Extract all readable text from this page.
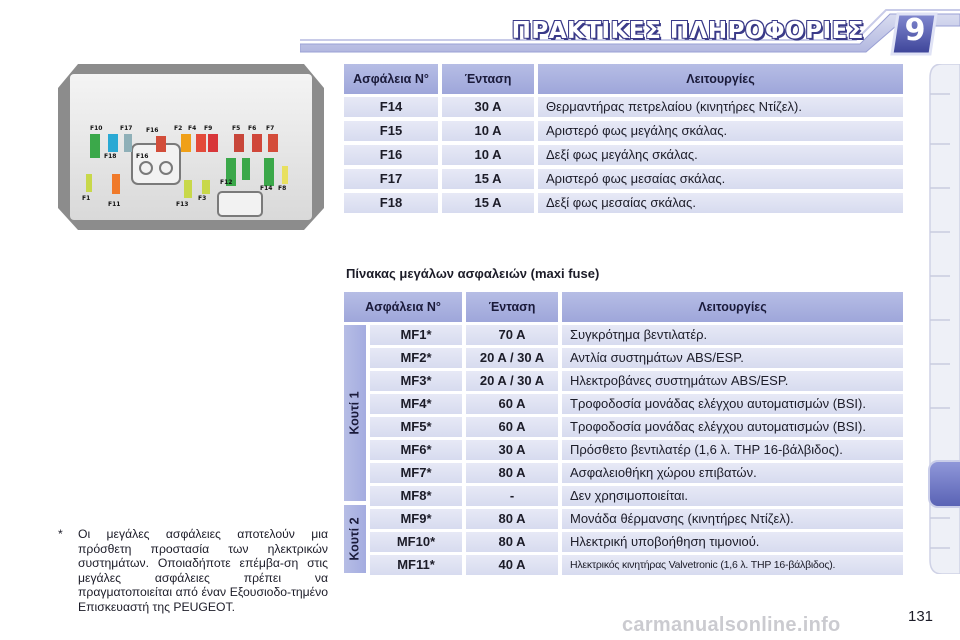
ΠΡΑΚΤΙΚΕΣ ΠΛΗΡΟΦΟΡΙΕΣ	9
F10	F17 F16	F2 F4 F9	F5 F6 F7
F18	F16
F1
F11
F12
F14 F8
F13
F3
Ασφάλεια N°	Ένταση	Λειτουργίες
F14	30 A	Θερμαντήρας πετρελαίου (κινητήρες Ντίζελ).
F15	10 A	Αριστερό φως μεγάλης σκάλας.
F16	10 A	Δεξί φως μεγάλης σκάλας.
F17	15 A	Αριστερό φως μεσαίας σκάλας.
F18	15 A	Δεξί φως μεσαίας σκάλας.
Πίνακας μεγάλων ασφαλειών (maxi fuse)
Ασφάλεια N°	Ένταση	Λειτουργίες
Κουτί 1
Κουτί 2
MF1*	70 A	Συγκρότημα βεντιλατέρ.
MF2*	20 A / 30 A	Αντλία συστημάτων ABS/ESP.
MF3*	20 A / 30 A	Ηλεκτροβάνες συστημάτων ABS/ESP.
MF4*	60 A	Τροφοδοσία μονάδας ελέγχου αυτοματισμών (BSI).
MF5*	60 A	Τροφοδοσία μονάδας ελέγχου αυτοματισμών (BSI).
MF6*	30 A	Πρόσθετο βεντιλατέρ (1,6 λ. THP 16-βάλβιδος).
MF7*	80 A	Ασφαλειοθήκη χώρου επιβατών.
MF8*	-	Δεν χρησιμοποιείται.
MF9*	80 A	Μονάδα θέρμανσης (κινητήρες Ντίζελ).
MF10*	80 A	Ηλεκτρική υποβοήθηση τιμονιού.
MF11*	40 A	Ηλεκτρικός κινητήρας Valvetronic (1,6 λ. THP 16-βάλβιδος).
* Οι μεγάλες ασφάλειες αποτελούν μια πρόσθετη προστασία των ηλεκτρικών συστημάτων. Οποιαδήποτε επέμβα-ση στις μεγάλες ασφάλειες πρέπει να πραγματοποιείται από έναν Εξουσιοδο-τημένο Επισκευαστή της PEUGEOT.
131
carmanualsonline.info
